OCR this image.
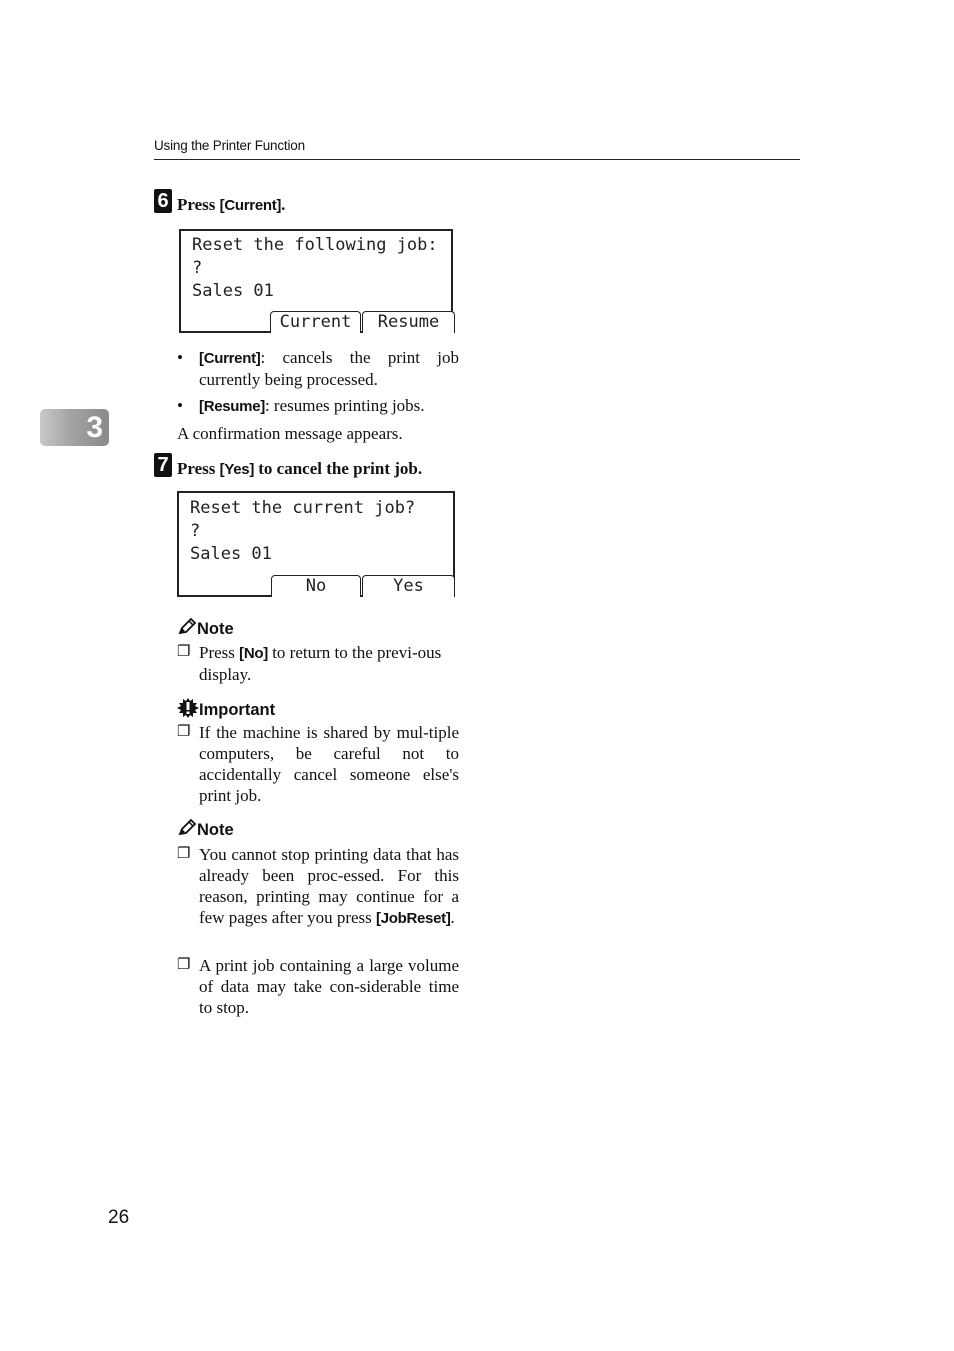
Using the Printer Function
3
6 Press [Current].
Reset the following job:
?
Sales 01
Current	Resume
• [Current]: cancels the print job currently being processed.
• [Resume]: resumes printing jobs.
A confirmation message appears.
7 Press [Yes] to cancel the print job.
Reset the current job?
?
Sales 01
No	Yes
Note
❐ Press [No] to return to the previ-ous display.
Important
❐ If the machine is shared by mul-tiple computers, be careful not to accidentally cancel someone else's print job.
Note
❐ You cannot stop printing data that has already been proc-essed. For this reason, printing may continue for a few pages after you press [JobReset].
❐ A print job containing a large volume of data may take con-siderable time to stop.
26
